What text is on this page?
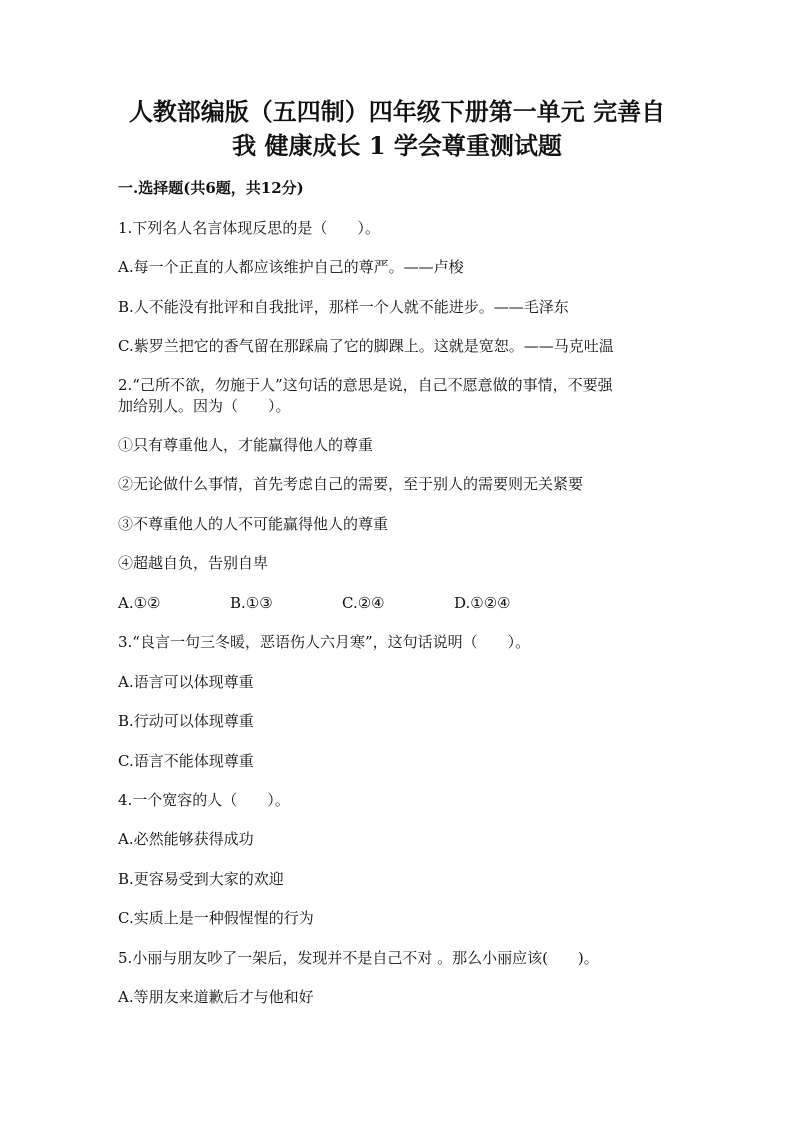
人教部编版（五四制）四年级下册第一单元 完善自
我 健康成长 1 学会尊重测试题
一.选择题(共6题，共12分)
1.下列名人名言体现反思的是（　　）。
A.每一个正直的人都应该维护自己的尊严。——卢梭
B.人不能没有批评和自我批评，那样一个人就不能进步。——毛泽东
C.紫罗兰把它的香气留在那踩扁了它的脚踝上。这就是宽恕。——马克吐温
2.“己所不欲，勿施于人”这句话的意思是说，自己不愿意做的事情，不要强
加给别人。因为（　　）。
①只有尊重他人，才能赢得他人的尊重
②无论做什么事情，首先考虑自己的需要，至于别人的需要则无关紧要
③不尊重他人的人不可能赢得他人的尊重
④超越自负，告别自卑
A.①②	B.①③	C.②④	D.①②④
3.“良言一句三冬暖，恶语伤人六月寒”，这句话说明（　　）。
A.语言可以体现尊重
B.行动可以体现尊重
C.语言不能体现尊重
4.一个宽容的人（　　）。
A.必然能够获得成功
B.更容易受到大家的欢迎
C.实质上是一种假惺惺的行为
5.小丽与朋友吵了一架后，发现并不是自己不对 。那么小丽应该(　　)。
A.等朋友来道歉后才与他和好
